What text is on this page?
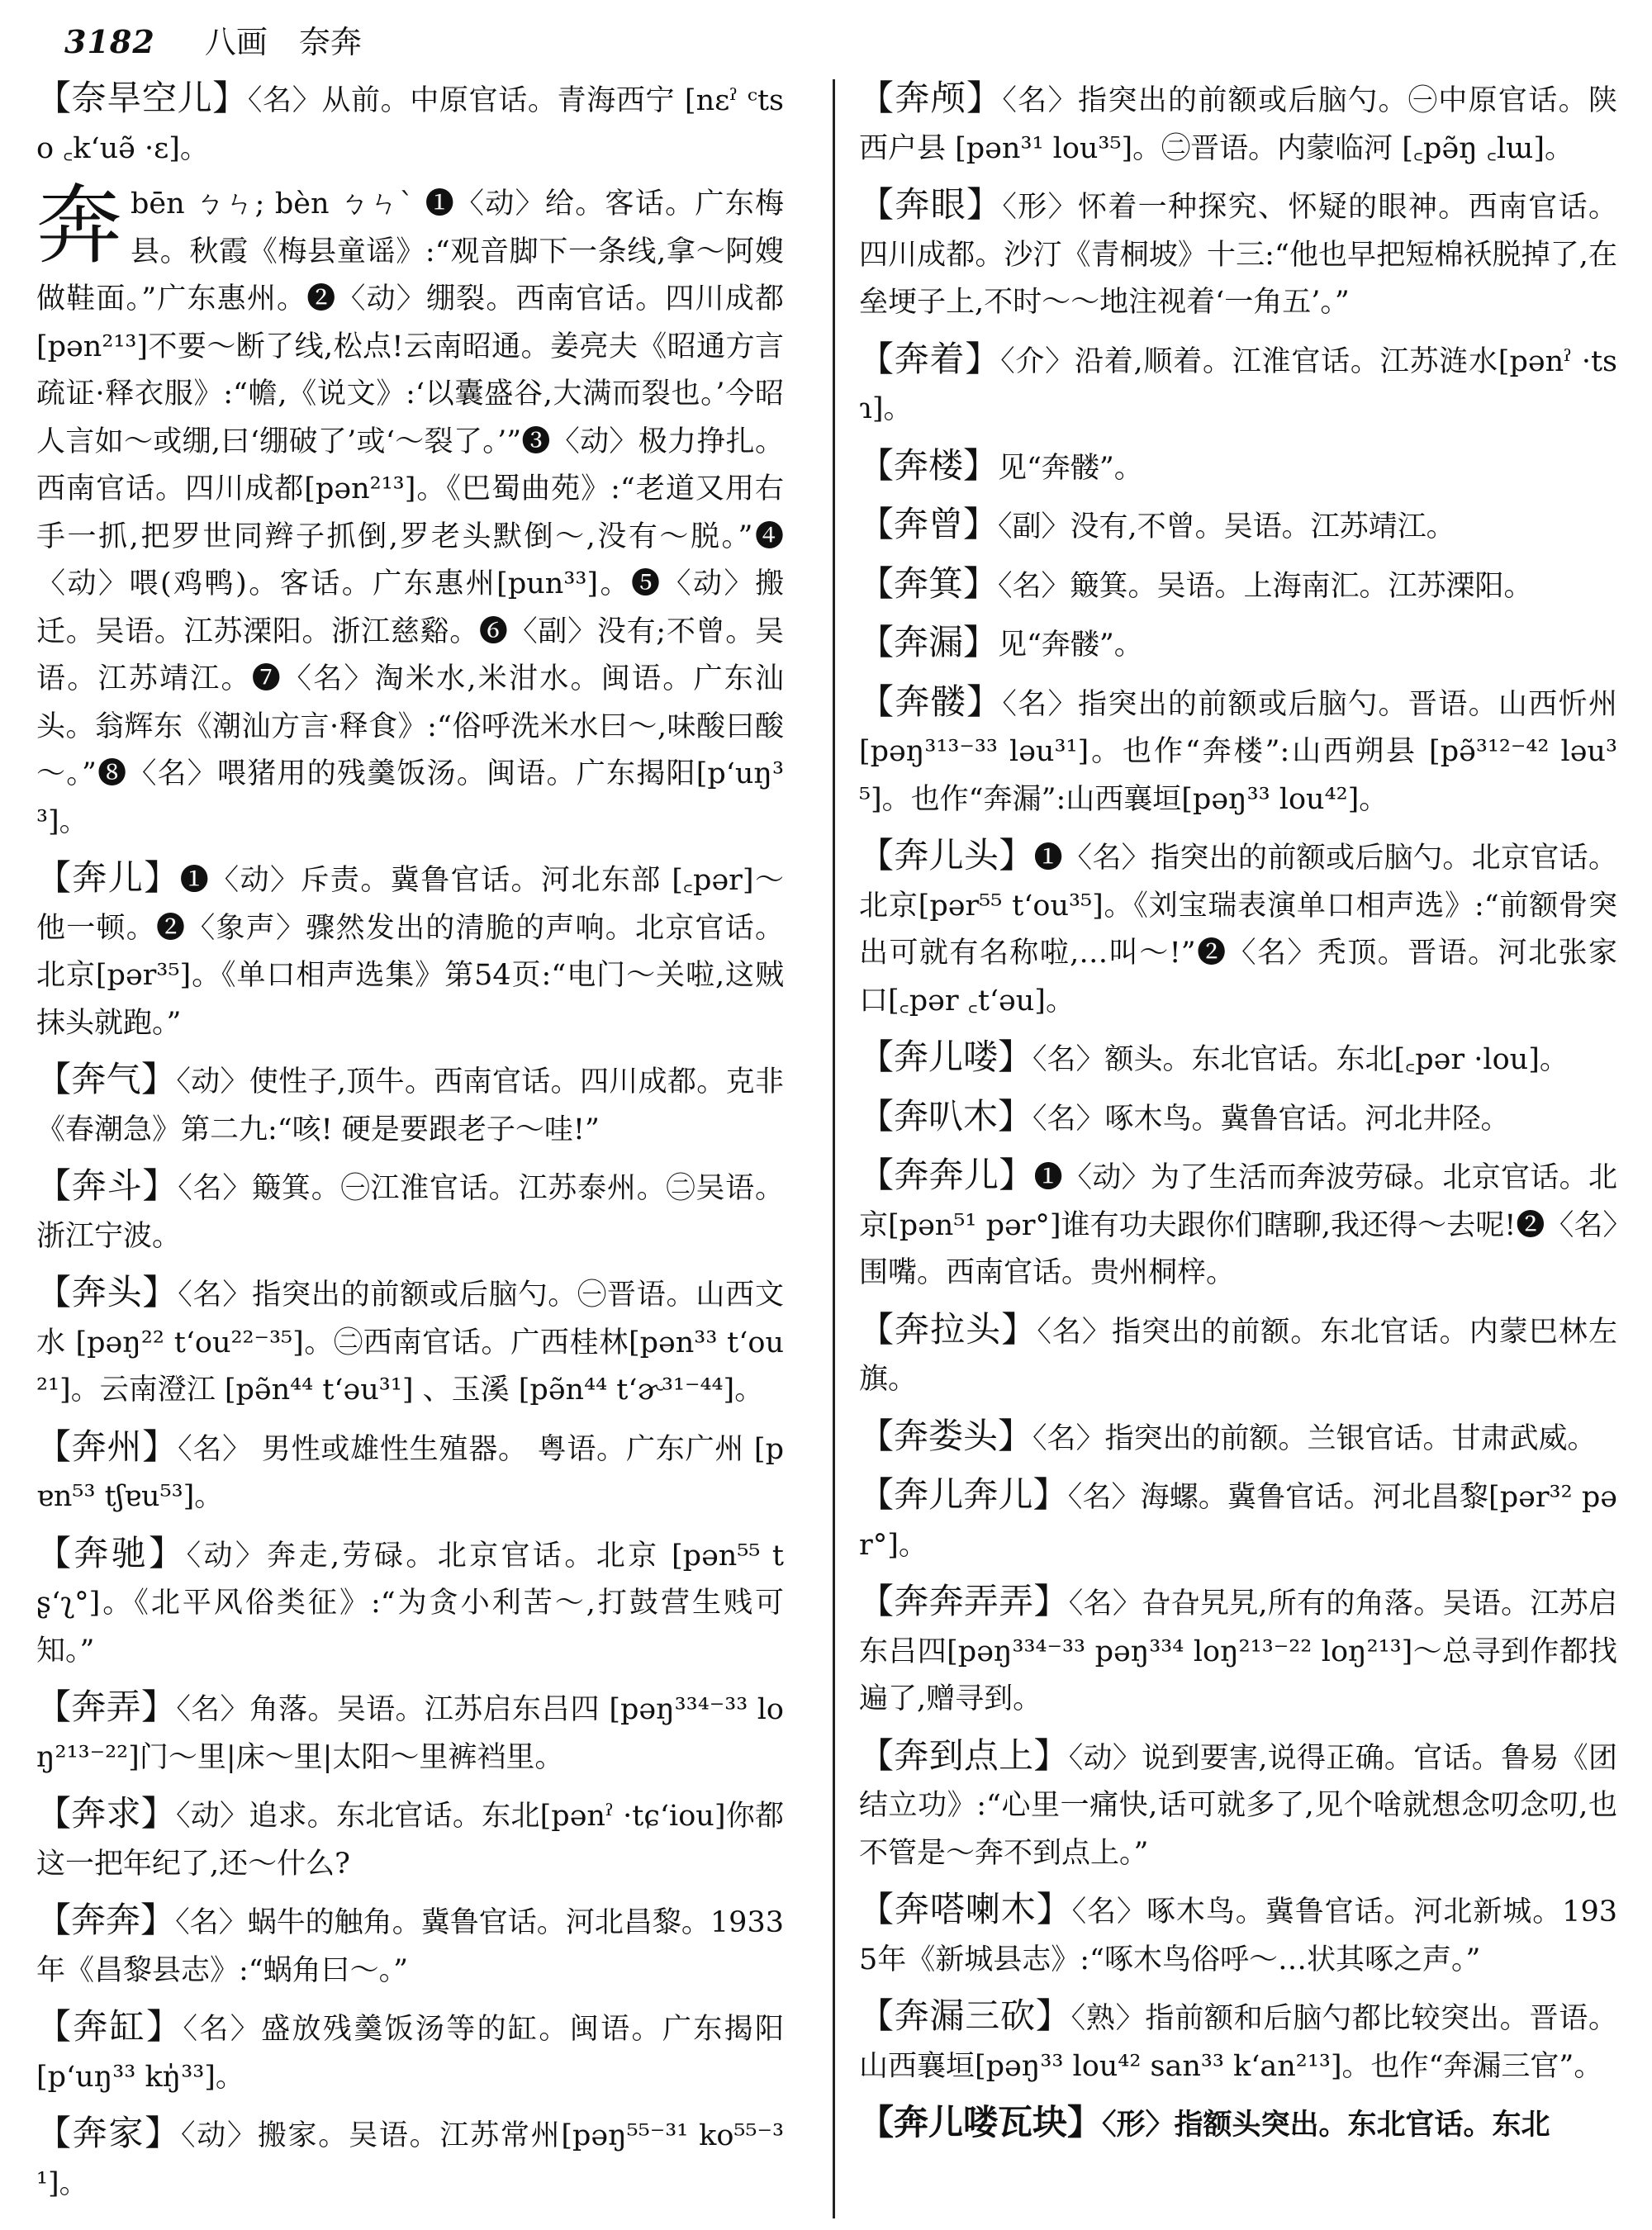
3182 八画 奈奔

【奈旱空儿】〈名〉从前。中原官话。青海西宁 [nɛˀ ᶜtso ꜀k‘uə̃ ·ɛ]。

奔bēn ㄅㄣ; bèn ㄅㄣˋ ❶〈动〉给。客话。广东梅县。秋霞《梅县童谣》:“观音脚下一条线,拿～阿嫂做鞋面。”广东惠州。❷〈动〉绷裂。西南官话。四川成都[pən²¹³]不要～断了线,松点!云南昭通。姜亮夫《昭通方言疏证·释衣服》:“幨,《说文》:‘以囊盛谷,大满而裂也。’今昭人言如～或绷,曰‘绷破了’或‘～裂了。’”❸〈动〉极力挣扎。西南官话。四川成都[pən²¹³]。《巴蜀曲苑》:“老道又用右手一抓,把罗世同辫子抓倒,罗老头默倒～,没有～脱。”❹〈动〉喂(鸡鸭)。客话。广东惠州[pun³³]。❺〈动〉搬迁。吴语。江苏溧阳。浙江慈谿。❻〈副〉没有;不曾。吴语。江苏靖江。❼〈名〉淘米水,米泔水。闽语。广东汕头。翁辉东《潮汕方言·释食》:“俗呼洗米水曰～,味酸曰酸～。”❽〈名〉喂猪用的残羹饭汤。闽语。广东揭阳[p‘uŋ³³]。

【奔儿】❶〈动〉斥责。冀鲁官话。河北东部 [꜀pər]～他一顿。❷〈象声〉骤然发出的清脆的声响。北京官话。北京[pər³⁵]。《单口相声选集》第54页:“电门～关啦,这贼抹头就跑。”

【奔气】〈动〉使性子,顶牛。西南官话。四川成都。克非《春潮急》第二九:“咳! 硬是要跟老子～哇!”

【奔斗】〈名〉簸箕。㊀江淮官话。江苏泰州。㊁吴语。浙江宁波。

【奔头】〈名〉指突出的前额或后脑勺。㊀晋语。山西文水 [pəŋ²² t‘ou²²⁻³⁵]。㊁西南官话。广西桂林[pən³³ t‘ou²¹]。云南澄江 [pə̃n⁴⁴ t‘əu³¹] 、玉溪 [pə̃n⁴⁴ t‘ɚ³¹⁻⁴⁴]。

【奔州】〈名〉 男性或雄性生殖器。 粤语。广东广州 [pɐn⁵³ tʃɐu⁵³]。

【奔驰】〈动〉奔走,劳碌。北京官话。北京 [pən⁵⁵ tʂ‘ʅ°]。《北平风俗类征》:“为贪小利苦～,打鼓营生贱可知。”

【奔弄】〈名〉角落。吴语。江苏启东吕四 [pəŋ³³⁴⁻³³ loŋ²¹³⁻²²]门～里|床～里|太阳～里裤裆里。

【奔求】〈动〉追求。东北官话。东北[pənˀ ·tɕ‘iou]你都这一把年纪了,还～什么?

【奔奔】〈名〉蜗牛的触角。冀鲁官话。河北昌黎。1933年《昌黎县志》:“蜗角曰～。”

【奔缸】〈名〉盛放残羹饭汤等的缸。闽语。广东揭阳 [p‘uŋ³³ kŋ̍³³]。

【奔家】〈动〉搬家。吴语。江苏常州[pəŋ⁵⁵⁻³¹ ko⁵⁵⁻³¹]。

【奔颅】〈名〉指突出的前额或后脑勺。㊀中原官话。陕西户县 [pən³¹ lou³⁵]。㊁晋语。内蒙临河 [꜀pə̃ŋ ꜀lɯ]。

【奔眼】〈形〉怀着一种探究、怀疑的眼神。西南官话。四川成都。沙汀《青桐坡》十三:“他也早把短棉袄脱掉了,在垒埂子上,不时～～地注视着‘一角五’。”

【奔着】〈介〉沿着,顺着。江淮官话。江苏涟水[pənˀ ·tsɿ]。

【奔楼】见“奔髅”。

【奔曾】〈副〉没有,不曾。吴语。江苏靖江。

【奔箕】〈名〉簸箕。吴语。上海南汇。江苏溧阳。

【奔漏】见“奔髅”。

【奔髅】〈名〉指突出的前额或后脑勺。晋语。山西忻州 [pəŋ³¹³⁻³³ ləu³¹]。也作“奔楼”:山西朔县 [pə̃³¹²⁻⁴² ləu³⁵]。也作“奔漏”:山西襄垣[pəŋ³³ lou⁴²]。

【奔儿头】❶〈名〉指突出的前额或后脑勺。北京官话。北京[pər⁵⁵ t‘ou³⁵]。《刘宝瑞表演单口相声选》:“前额骨突出可就有名称啦,…叫～!”❷〈名〉秃顶。晋语。河北张家口[꜀pər ꜀t‘əu]。

【奔儿喽】〈名〉额头。东北官话。东北[꜀pər ·lou]。

【奔叭木】〈名〉啄木鸟。冀鲁官话。河北井陉。

【奔奔儿】❶〈动〉为了生活而奔波劳碌。北京官话。北京[pən⁵¹ pər°]谁有功夫跟你们瞎聊,我还得～去呢!❷〈名〉围嘴。西南官话。贵州桐梓。

【奔拉头】〈名〉指突出的前额。东北官话。内蒙巴林左旗。

【奔娄头】〈名〉指突出的前额。兰银官话。甘肃武威。

【奔儿奔儿】〈名〉海螺。冀鲁官话。河北昌黎[pər³² pər°]。

【奔奔弄弄】〈名〉旮旮旯旯,所有的角落。吴语。江苏启东吕四[pəŋ³³⁴⁻³³ pəŋ³³⁴ loŋ²¹³⁻²² loŋ²¹³]～总寻到作都找遍了,赠寻到。

【奔到点上】〈动〉说到要害,说得正确。官话。鲁易《团结立功》:“心里一痛快,话可就多了,见个啥就想念叨念叨,也不管是～奔不到点上。”

【奔嗒喇木】〈名〉啄木鸟。冀鲁官话。河北新城。1935年《新城县志》:“啄木鸟俗呼～…状其啄之声。”

【奔漏三砍】〈熟〉指前额和后脑勺都比较突出。晋语。山西襄垣[pəŋ³³ lou⁴² san³³ k‘an²¹³]。也作“奔漏三官”。

【奔儿喽瓦块】〈形〉指额头突出。东北官话。东北
